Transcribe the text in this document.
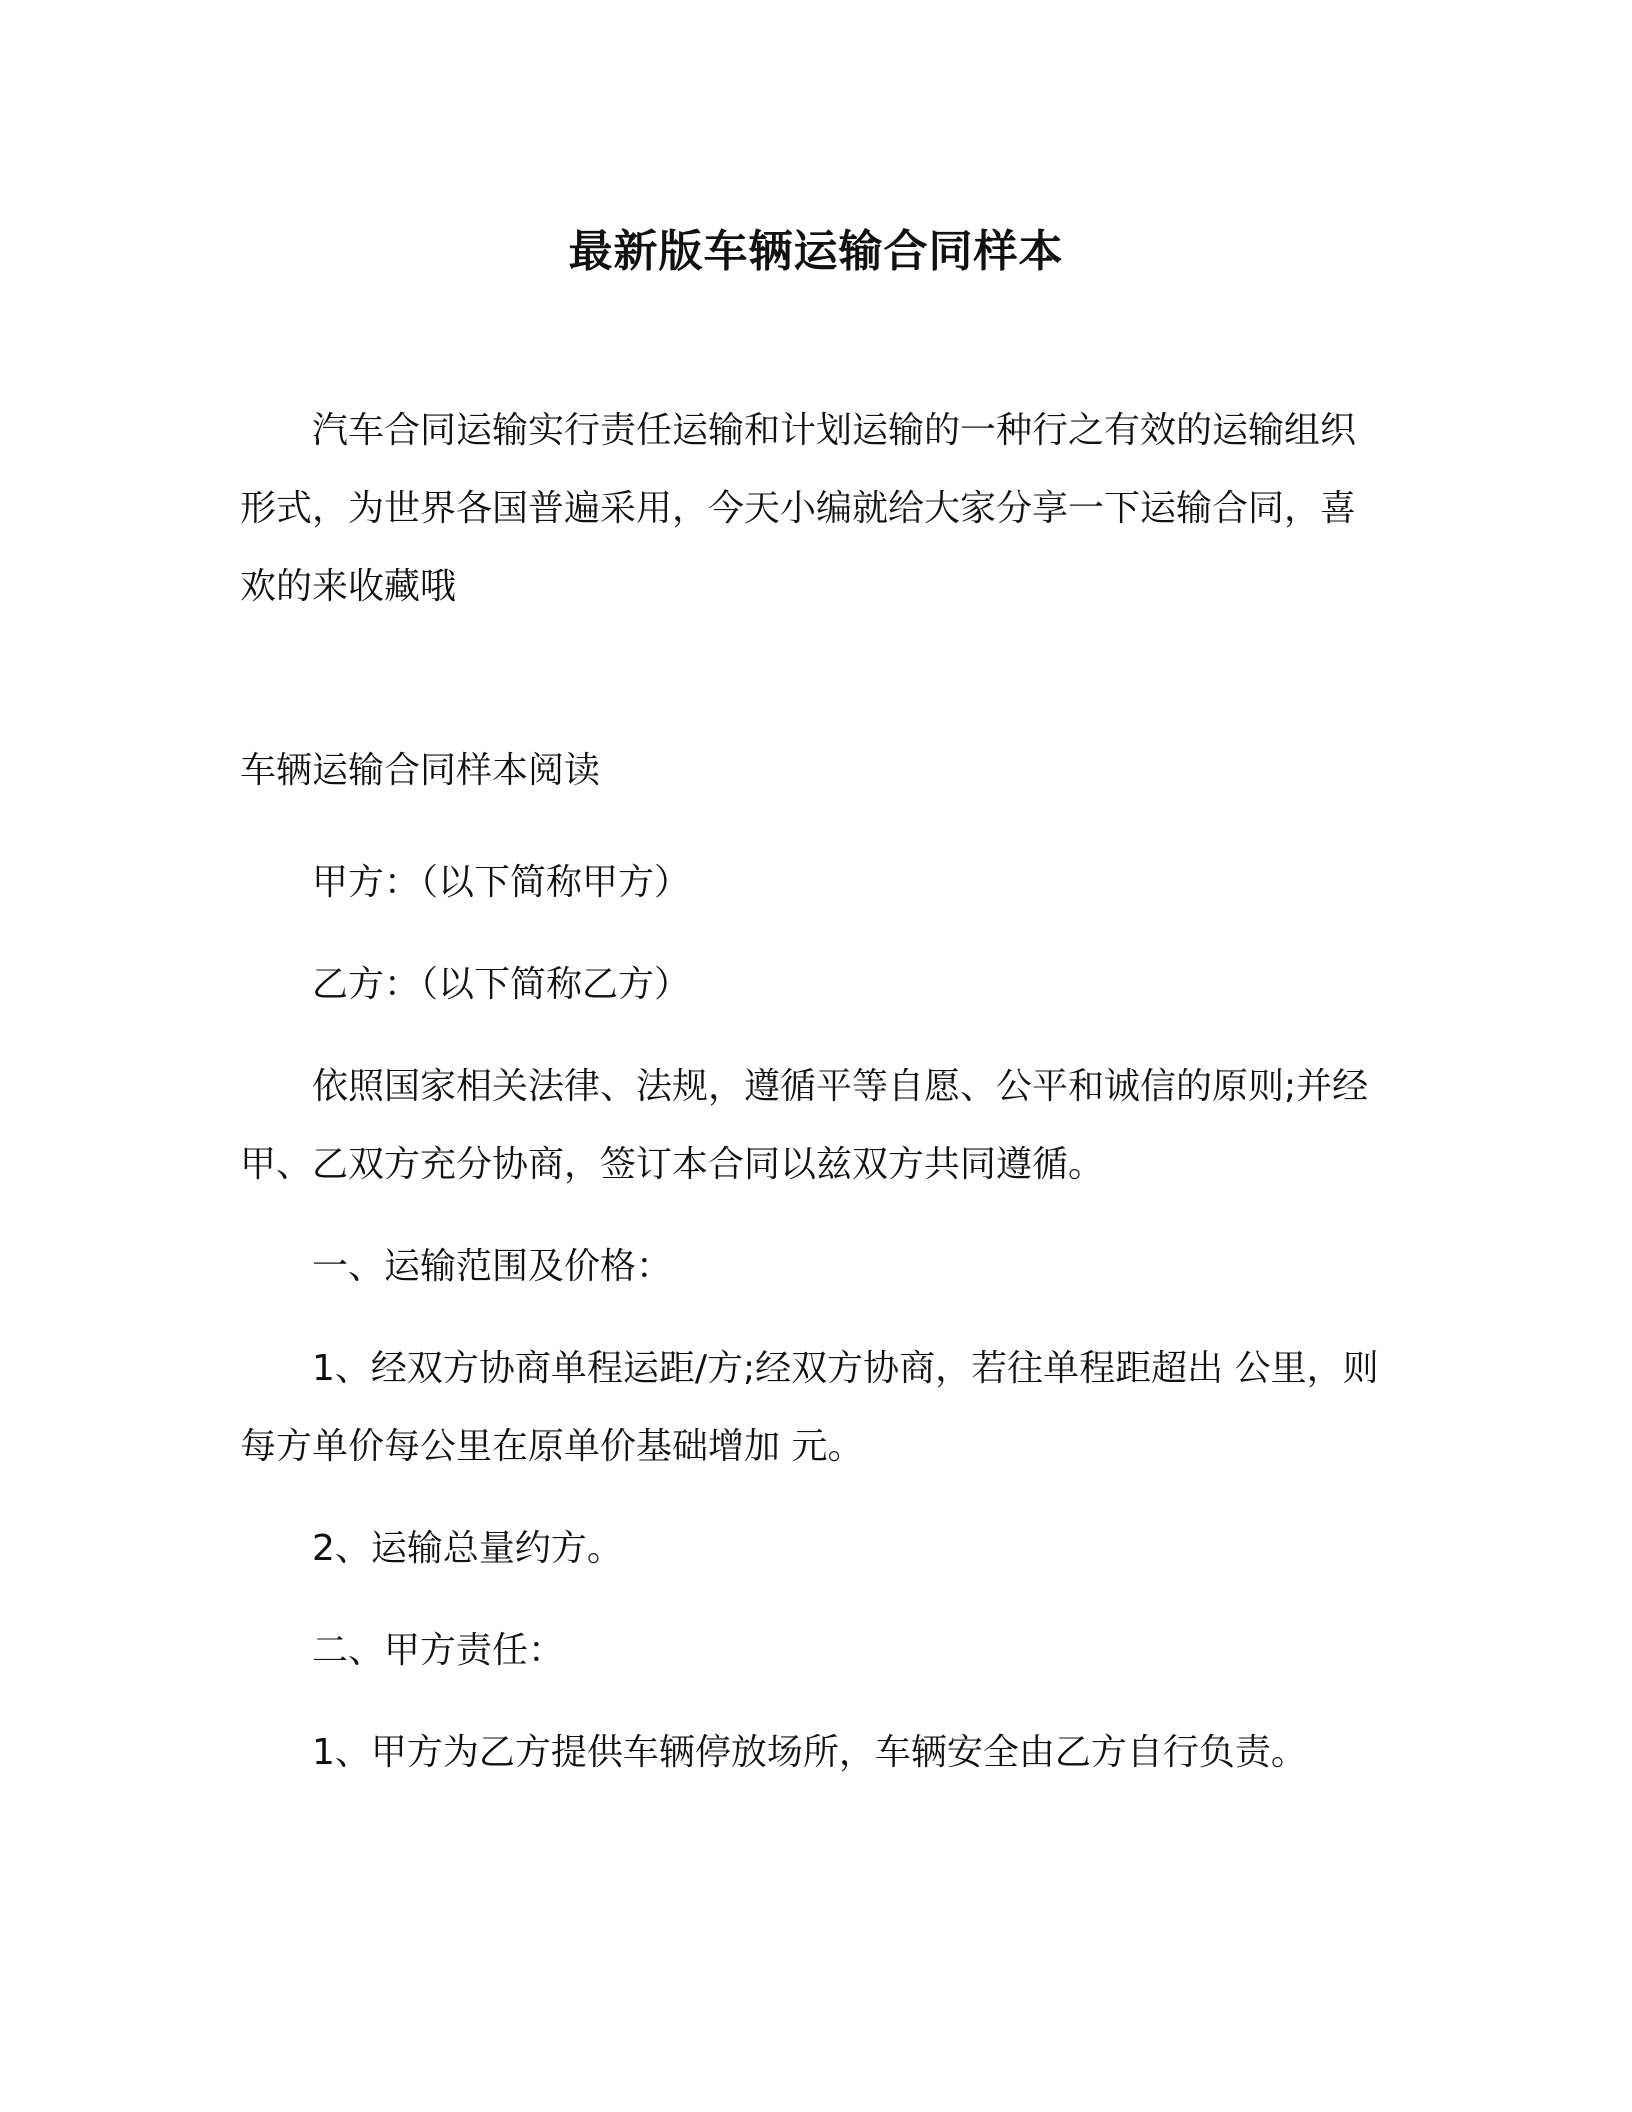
最新版车辆运输合同样本

汽车合同运输实行责任运输和计划运输的一种行之有效的运输组织形式，为世界各国普遍采用，今天小编就给大家分享一下运输合同，喜欢的来收藏哦

车辆运输合同样本阅读

甲方：（以下简称甲方）

乙方：（以下简称乙方）

依照国家相关法律、法规，遵循平等自愿、公平和诚信的原则;并经甲、乙双方充分协商，签订本合同以兹双方共同遵循。

一、运输范围及价格：

1、经双方协商单程运距/方;经双方协商，若往单程距超出 公里，则每方单价每公里在原单价基础增加 元。

2、运输总量约方。

二、甲方责任：

1、甲方为乙方提供车辆停放场所，车辆安全由乙方自行负责。
